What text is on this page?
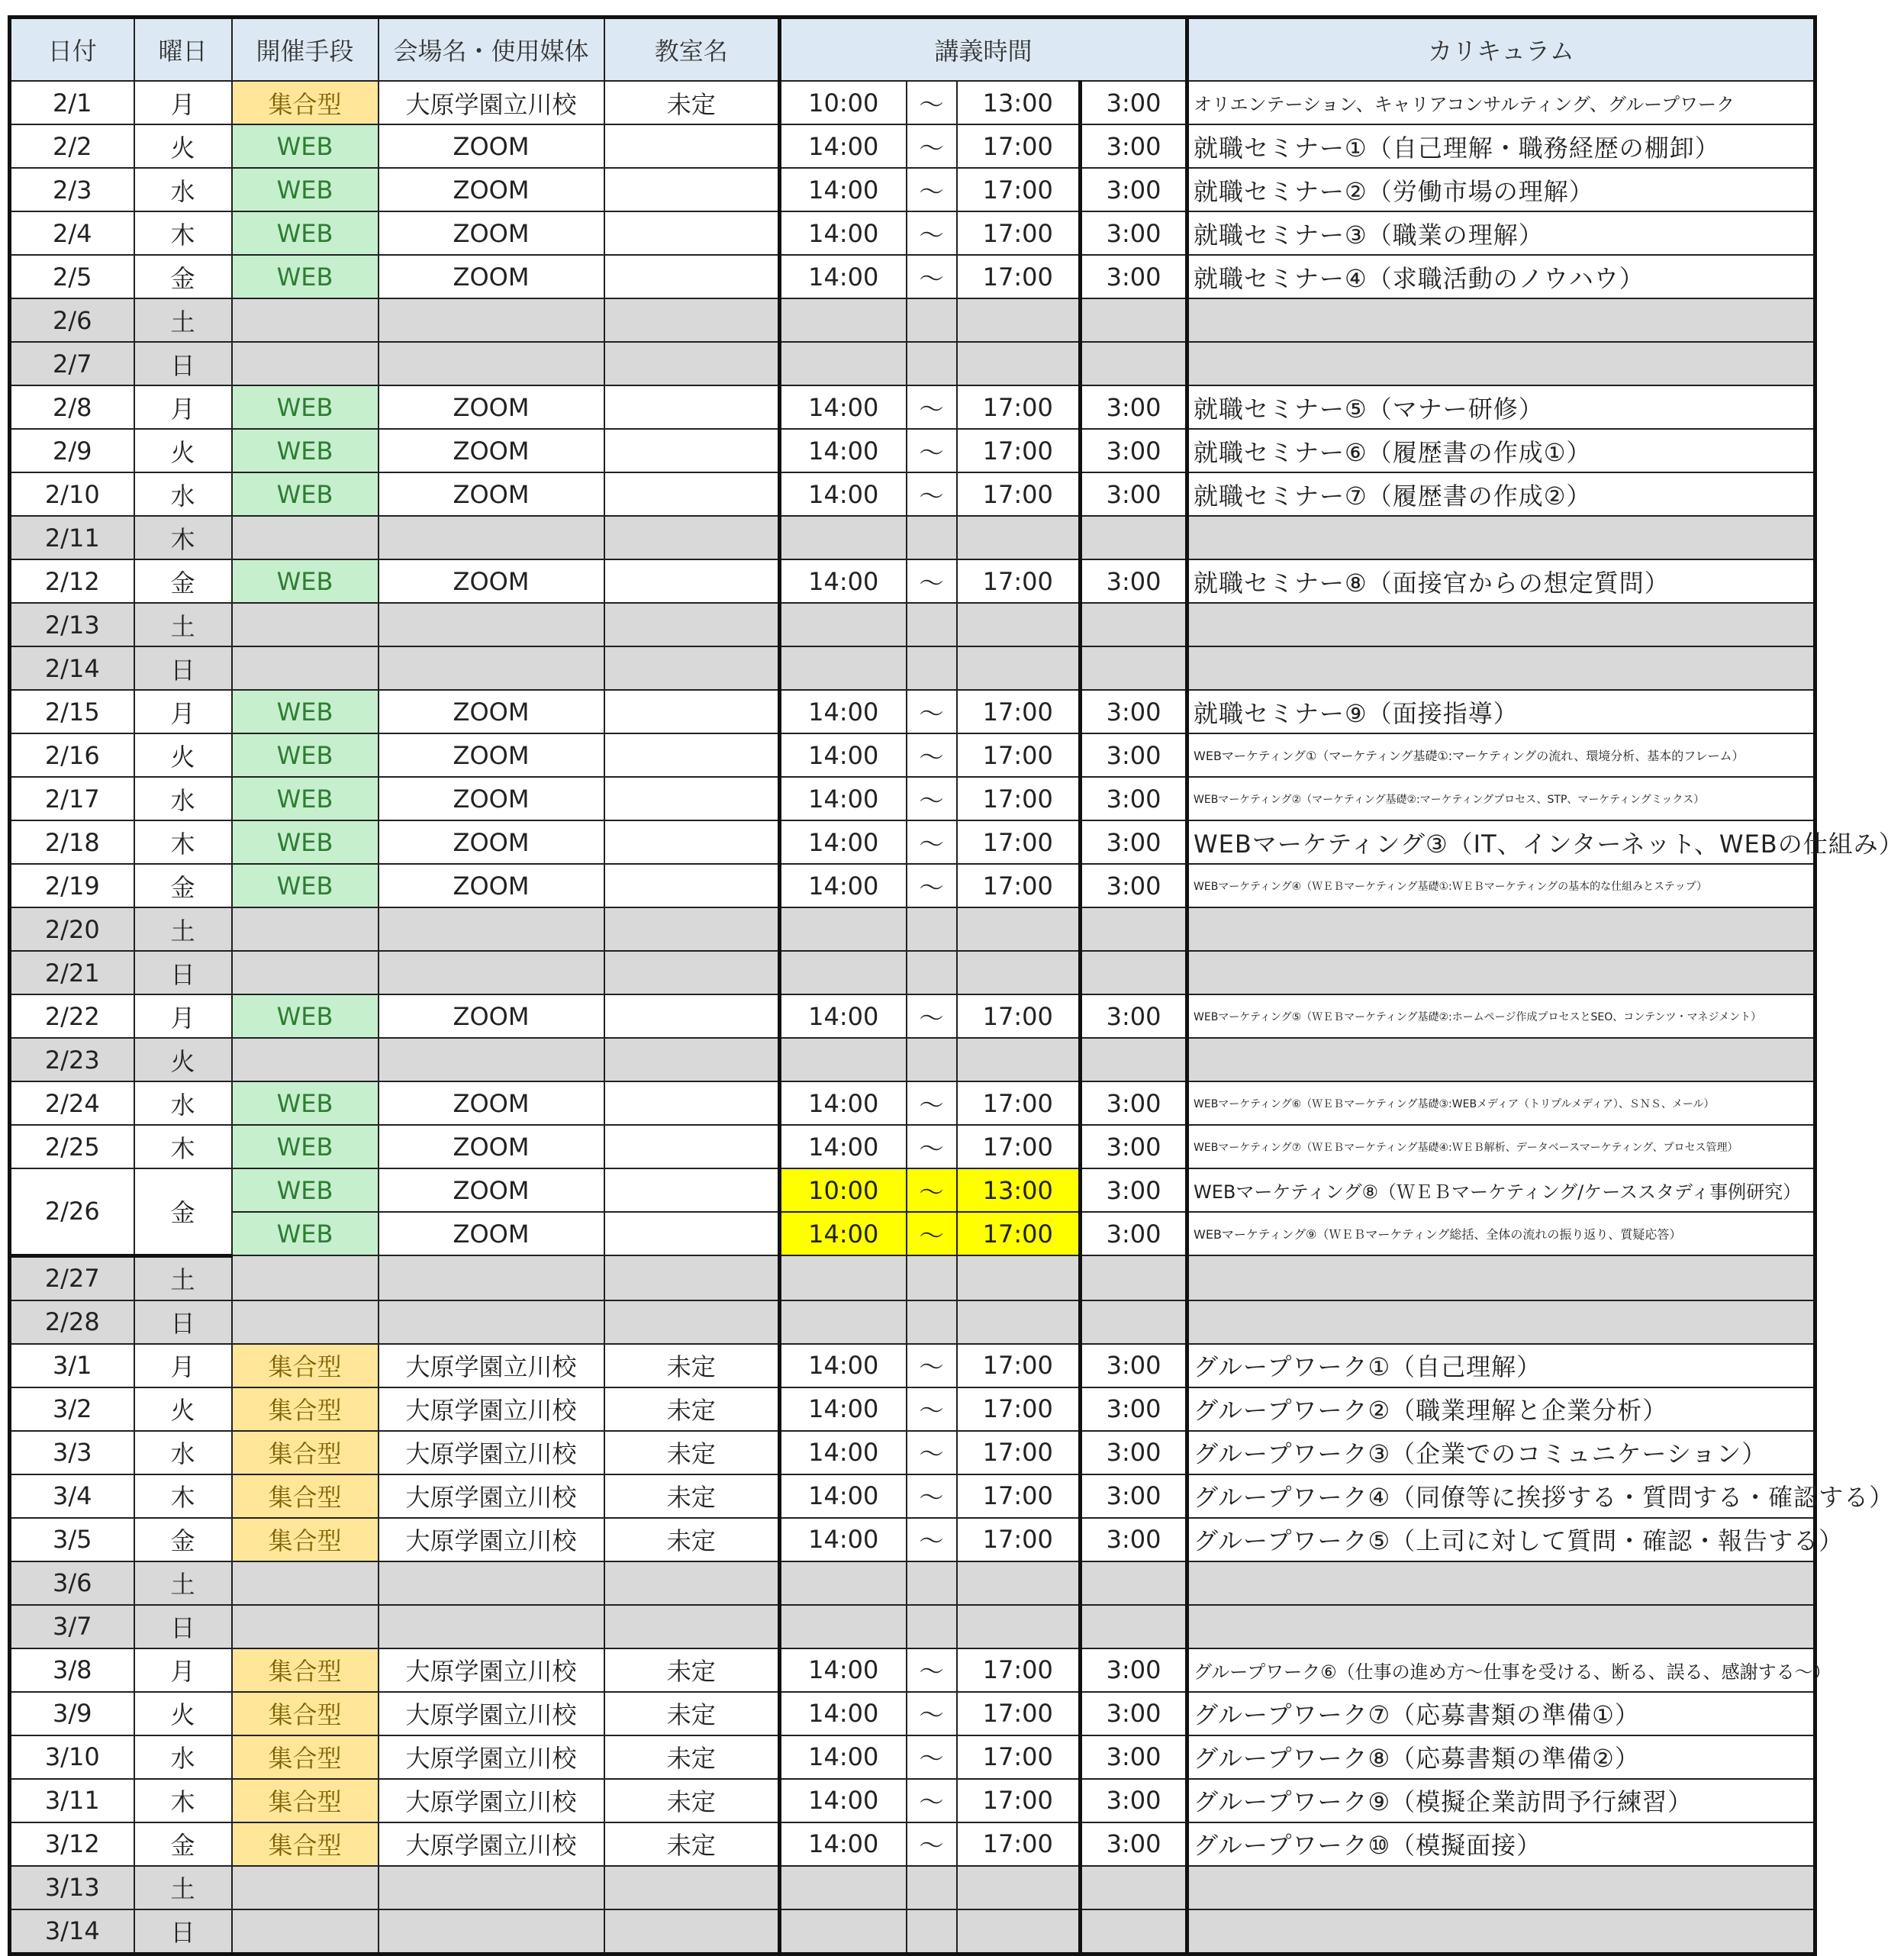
日付	曜日	開催手段	会場名・使用媒体	教室名	講義時間				カリキュラム
2/1	月	集合型	大原学園立川校	未定	10:00	～	13:00	3:00	オリエンテーション、キャリアコンサルティング、グループワーク
2/2	火	WEB	ZOOM		14:00	～	17:00	3:00	就職セミナー①（自己理解・職務経歴の棚卸）
2/3	水	WEB	ZOOM		14:00	～	17:00	3:00	就職セミナー②（労働市場の理解）
2/4	木	WEB	ZOOM		14:00	～	17:00	3:00	就職セミナー③（職業の理解）
2/5	金	WEB	ZOOM		14:00	～	17:00	3:00	就職セミナー④（求職活動のノウハウ）
2/6	土								
2/7	日								
2/8	月	WEB	ZOOM		14:00	～	17:00	3:00	就職セミナー⑤（マナー研修）
2/9	火	WEB	ZOOM		14:00	～	17:00	3:00	就職セミナー⑥（履歴書の作成①）
2/10	水	WEB	ZOOM		14:00	～	17:00	3:00	就職セミナー⑦（履歴書の作成②）
2/11	木								
2/12	金	WEB	ZOOM		14:00	～	17:00	3:00	就職セミナー⑧（面接官からの想定質問）
2/13	土								
2/14	日								
2/15	月	WEB	ZOOM		14:00	～	17:00	3:00	就職セミナー⑨（面接指導）
2/16	火	WEB	ZOOM		14:00	～	17:00	3:00	WEBマーケティング①（マーケティング基礎①:マーケティングの流れ、環境分析、基本的フレーム）
2/17	水	WEB	ZOOM		14:00	～	17:00	3:00	WEBマーケティング②（マーケティング基礎②:マーケティングプロセス、STP、マーケティングミックス）
2/18	木	WEB	ZOOM		14:00	～	17:00	3:00	WEBマーケティング③（IT、インターネット、WEBの仕組み）
2/19	金	WEB	ZOOM		14:00	～	17:00	3:00	WEBマーケティング④（ＷＥＢマーケティング基礎①:ＷＥＢマーケティングの基本的な仕組みとステップ）
2/20	土								
2/21	日								
2/22	月	WEB	ZOOM		14:00	～	17:00	3:00	WEBマーケティング⑤（ＷＥＢマーケティング基礎②:ホームページ作成プロセスとSEO、コンテンツ・マネジメント）
2/23	火								
2/24	水	WEB	ZOOM		14:00	～	17:00	3:00	WEBマーケティング⑥（ＷＥＢマーケティング基礎③:WEBメディア（トリプルメディア）、ＳＮＳ、メール）
2/25	木	WEB	ZOOM		14:00	～	17:00	3:00	WEBマーケティング⑦（ＷＥＢマーケティング基礎④:ＷＥＢ解析、データベースマーケティング、プロセス管理）
2/26	金	WEB	ZOOM		10:00	～	13:00	3:00	WEBマーケティング⑧（ＷＥＢマーケティング/ケーススタディ事例研究）
		WEB	ZOOM		14:00	～	17:00	3:00	WEBマーケティング⑨（ＷＥＢマーケティング総括、全体の流れの振り返り、質疑応答）
2/27	土								
2/28	日								
3/1	月	集合型	大原学園立川校	未定	14:00	～	17:00	3:00	グループワーク①（自己理解）
3/2	火	集合型	大原学園立川校	未定	14:00	～	17:00	3:00	グループワーク②（職業理解と企業分析）
3/3	水	集合型	大原学園立川校	未定	14:00	～	17:00	3:00	グループワーク③（企業でのコミュニケーション）
3/4	木	集合型	大原学園立川校	未定	14:00	～	17:00	3:00	グループワーク④（同僚等に挨拶する・質問する・確認する）
3/5	金	集合型	大原学園立川校	未定	14:00	～	17:00	3:00	グループワーク⑤（上司に対して質問・確認・報告する）
3/6	土								
3/7	日								
3/8	月	集合型	大原学園立川校	未定	14:00	～	17:00	3:00	グループワーク⑥（仕事の進め方～仕事を受ける、断る、誤る、感謝する～）
3/9	火	集合型	大原学園立川校	未定	14:00	～	17:00	3:00	グループワーク⑦（応募書類の準備①）
3/10	水	集合型	大原学園立川校	未定	14:00	～	17:00	3:00	グループワーク⑧（応募書類の準備②）
3/11	木	集合型	大原学園立川校	未定	14:00	～	17:00	3:00	グループワーク⑨（模擬企業訪問予行練習）
3/12	金	集合型	大原学園立川校	未定	14:00	～	17:00	3:00	グループワーク⑩（模擬面接）
3/13	土								
3/14	日								
